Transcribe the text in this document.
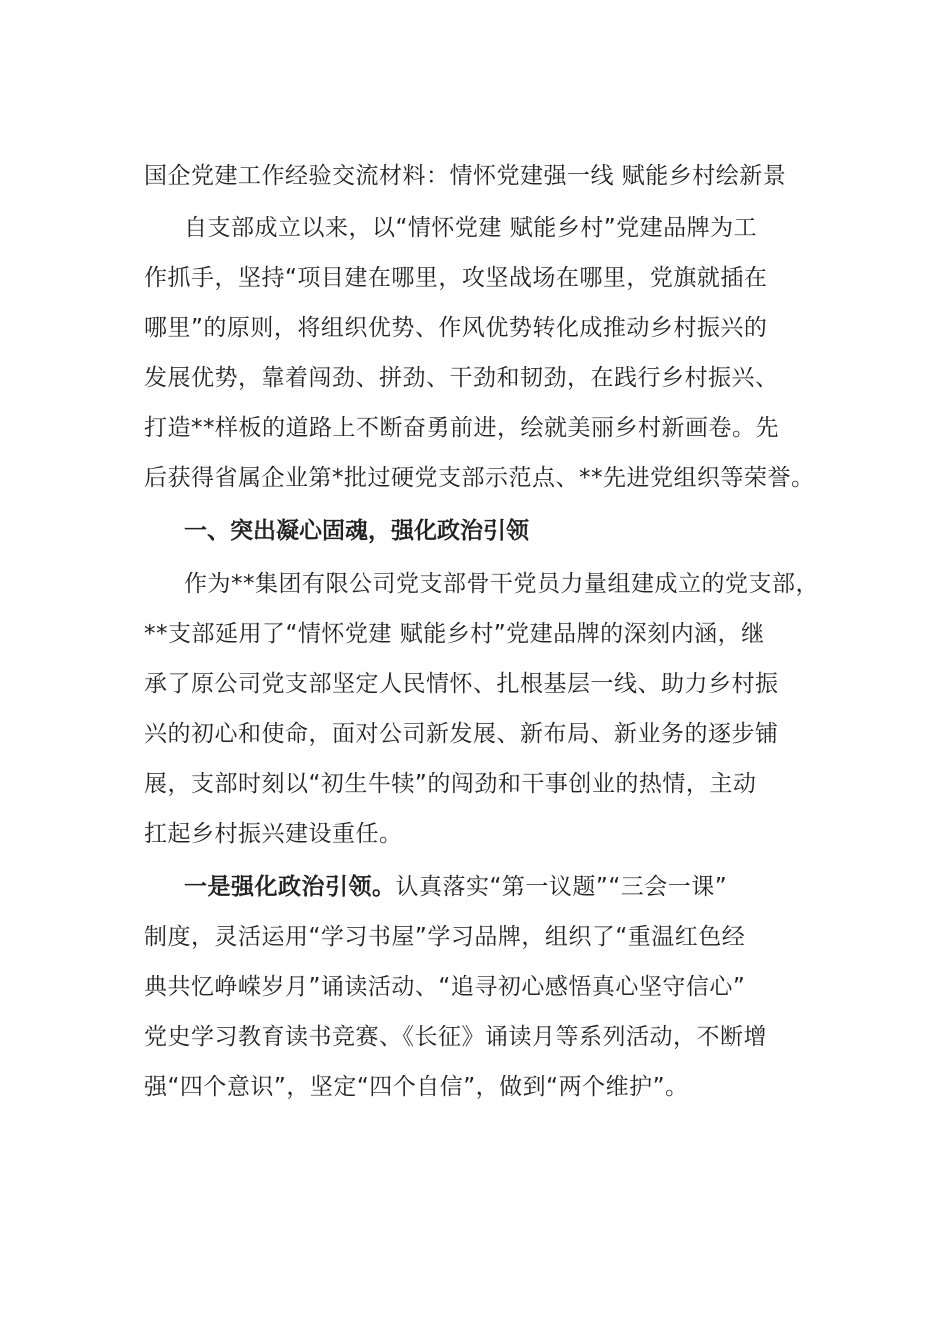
国企党建工作经验交流材料：情怀党建强一线 赋能乡村绘新景

自支部成立以来，以“情怀党建 赋能乡村”党建品牌为工
作抓手，坚持“项目建在哪里，攻坚战场在哪里，党旗就插在
哪里”的原则，将组织优势、作风优势转化成推动乡村振兴的
发展优势，靠着闯劲、拼劲、干劲和韧劲，在践行乡村振兴、
打造**样板的道路上不断奋勇前进，绘就美丽乡村新画卷。先
后获得省属企业第*批过硬党支部示范点、**先进党组织等荣誉。

一、突出凝心固魂，强化政治引领

作为**集团有限公司党支部骨干党员力量组建成立的党支部，
**支部延用了“情怀党建 赋能乡村”党建品牌的深刻内涵，继
承了原公司党支部坚定人民情怀、扎根基层一线、助力乡村振
兴的初心和使命，面对公司新发展、新布局、新业务的逐步铺
展，支部时刻以“初生牛犊”的闯劲和干事创业的热情，主动
扛起乡村振兴建设重任。

一是强化政治引领。认真落实“第一议题”“三会一课”
制度，灵活运用“学习书屋”学习品牌，组织了“重温红色经
典共忆峥嵘岁月”诵读活动、“追寻初心感悟真心坚守信心”
党史学习教育读书竞赛、《长征》诵读月等系列活动，不断增
强“四个意识”，坚定“四个自信”，做到“两个维护”。
